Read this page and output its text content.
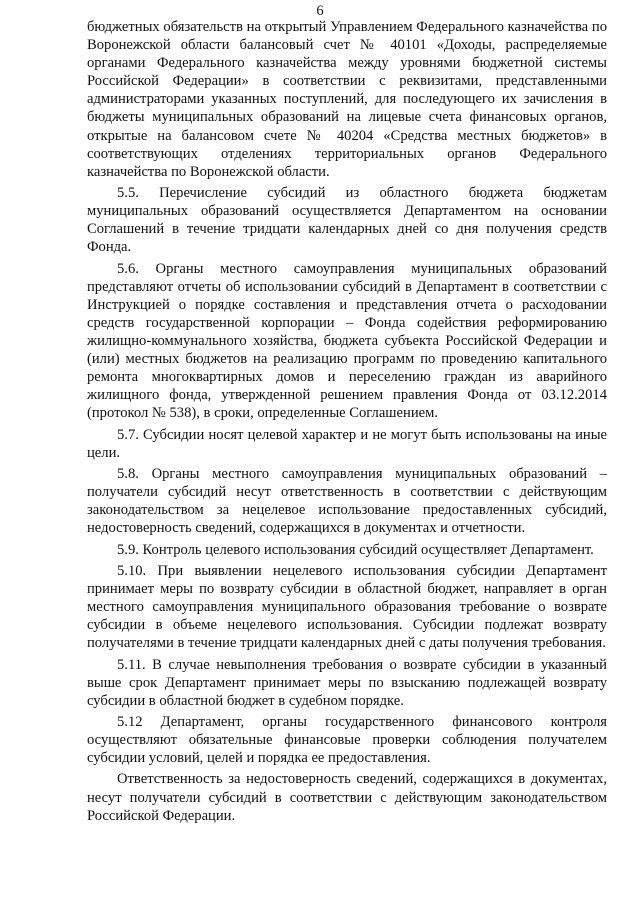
6

бюджетных обязательств на открытый Управлением Федерального казначейства по Воронежской области балансовый счет № 40101 «Доходы, распределяемые органами Федерального казначейства между уровнями бюджетной системы Российской Федерации» в соответствии с реквизитами, представленными администраторами указанных поступлений, для последующего их зачисления в бюджеты муниципальных образований на лицевые счета финансовых органов, открытые на балансовом счете № 40204 «Средства местных бюджетов» в соответствующих отделениях территориальных органов Федерального казначейства по Воронежской области.

5.5. Перечисление субсидий из областного бюджета бюджетам муниципальных образований осуществляется Департаментом на основании Соглашений в течение тридцати календарных дней со дня получения средств Фонда.

5.6. Органы местного самоуправления муниципальных образований представляют отчеты об использовании субсидий в Департамент в соответствии с Инструкцией о порядке составления и представления отчета о расходовании средств государственной корпорации – Фонда содействия реформированию жилищно-коммунального хозяйства, бюджета субъекта Российской Федерации и (или) местных бюджетов на реализацию программ по проведению капитального ремонта многоквартирных домов и переселению граждан из аварийного жилищного фонда, утвержденной решением правления Фонда от 03.12.2014 (протокол № 538), в сроки, определенные Соглашением.

5.7. Субсидии носят целевой характер и не могут быть использованы на иные цели.

5.8. Органы местного самоуправления муниципальных образований – получатели субсидий несут ответственность в соответствии с действующим законодательством за нецелевое использование предоставленных субсидий, недостоверность сведений, содержащихся в документах и отчетности.

5.9. Контроль целевого использования субсидий осуществляет Департамент.

5.10. При выявлении нецелевого использования субсидии Департамент принимает меры по возврату субсидии в областной бюджет, направляет в орган местного самоуправления муниципального образования требование о возврате субсидии в объеме нецелевого использования. Субсидии подлежат возврату получателями в течение тридцати календарных дней с даты получения требования.

5.11. В случае невыполнения требования о возврате субсидии в указанный выше срок Департамент принимает меры по взысканию подлежащей возврату субсидии в областной бюджет в судебном порядке.

5.12 Департамент, органы государственного финансового контроля осуществляют обязательные финансовые проверки соблюдения получателем субсидии условий, целей и порядка ее предоставления.

Ответственность за недостоверность сведений, содержащихся в документах, несут получатели субсидий в соответствии с действующим законодательством Российской Федерации.
